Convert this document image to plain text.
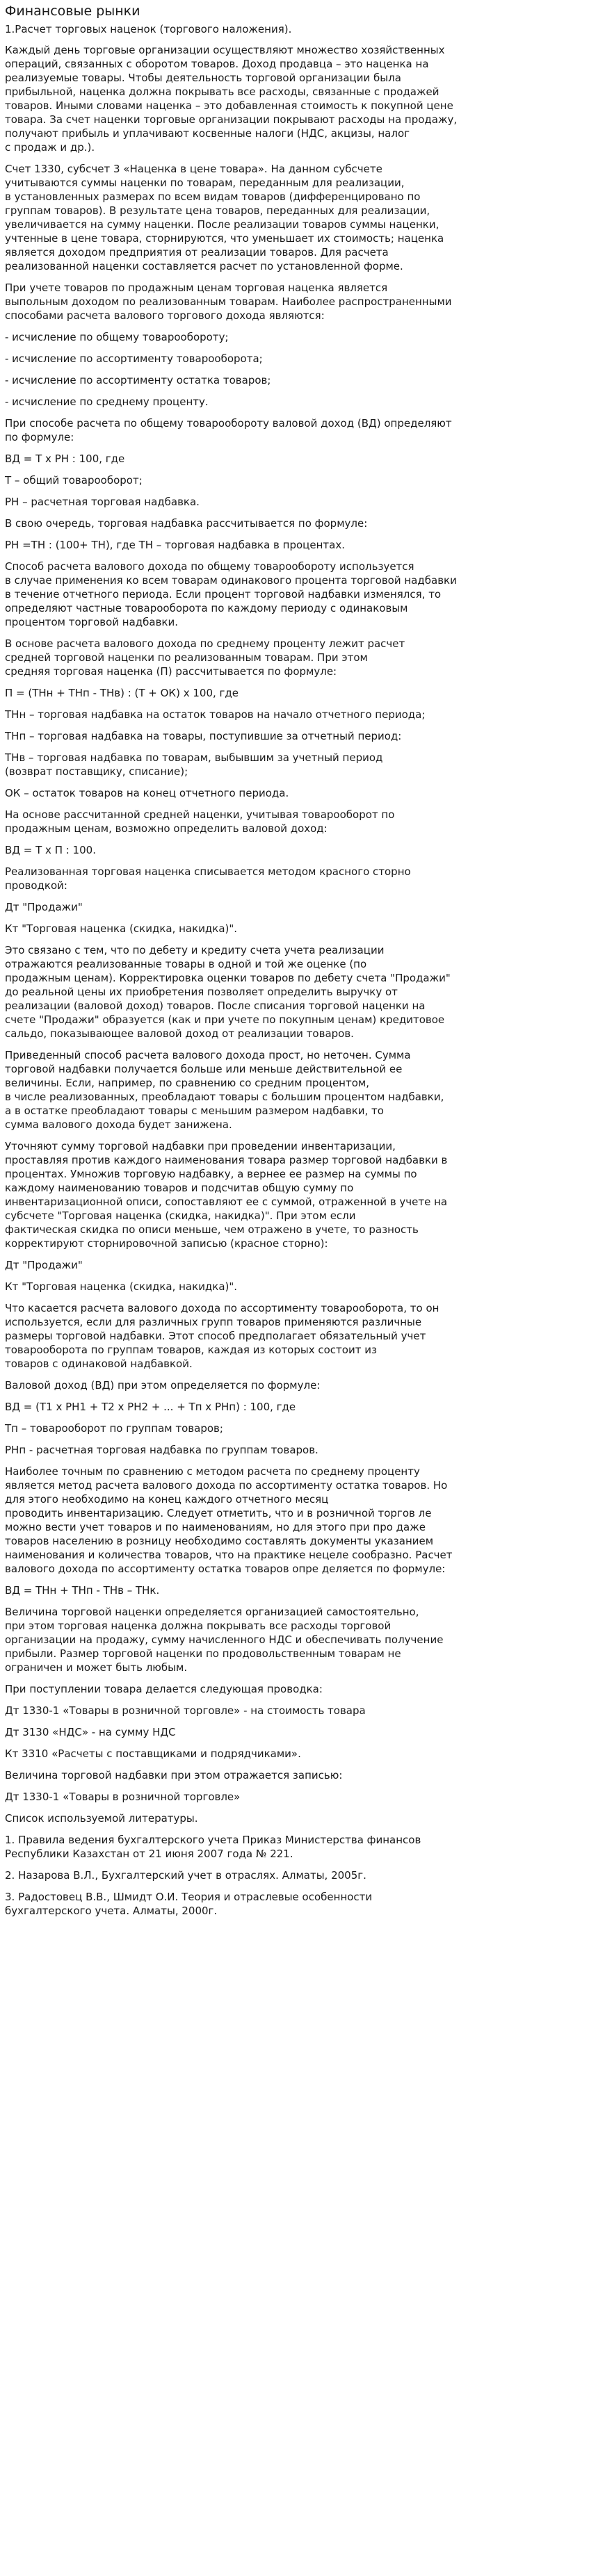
Финансовые рынки
1.Расчет торговых наценок (торгового наложения).

Каждый день торговые организации осуществляют множество хозяйственных
операций, связанных с оборотом товаров. Доход продавца – это наценка на
реализуемые товары. Чтобы деятельность торговой организации была
прибыльной, наценка должна покрывать все расходы, связанные с продажей
товаров. Иными словами наценка – это добавленная стоимость к покупной цене
товара. За счет наценки торговые организации покрывают расходы на продажу,
получают прибыль и уплачивают косвенные налоги (НДС, акцизы, налог
с продаж и др.).

Счет 1330, субсчет 3 «Наценка в цене товара». На данном субсчете
учитываются суммы наценки по товарам, переданным для реализации,
в установленных размерах по всем видам товаров (дифференцировано по
группам товаров). В результате цена товаров, переданных для реализации,
увеличивается на сумму наценки. После реализации товаров суммы наценки,
учтенные в цене товара, сторнируются, что уменьшает их стоимость; наценка
является доходом предприятия от реализации товаров. Для расчета
реализованной наценки составляется расчет по установленной форме.

При учете товаров по продажным ценам торговая наценка является
выпольным доходом по реализованным товарам. Наиболее распространенными
способами расчета валового торгового дохода являются:

- исчисление по общему товарообороту;

- исчисление по ассортименту товарооборота;

- исчисление по ассортименту остатка товаров;

- исчисление по среднему проценту.

При способе расчета по общему товарообороту валовой доход (ВД) определяют
по формуле:

ВД = Т х РН : 100, где

Т – общий товарооборот;

РН – расчетная торговая надбавка.

В свою очередь, торговая надбавка рассчитывается по формуле:

РН =ТН : (100+ ТН), где ТН – торговая надбавка в процентах.

Способ расчета валового дохода по общему товарообороту используется
в случае применения ко всем товарам одинакового процента торговой надбавки
в течение отчетного периода. Если процент торговой надбавки изменялся, то
определяют частные товарооборота по каждому периоду с одинаковым
процентом торговой надбавки.

В основе расчета валового дохода по среднему проценту лежит расчет
средней торговой наценки по реализованным товарам. При этом
средняя торговая наценка (П) рассчитывается по формуле:

П = (ТНн + ТНп - ТНв) : (Т + ОК) х 100, где

ТНн – торговая надбавка на остаток товаров на начало отчетного периода;

ТНп – торговая надбавка на товары, поступившие за отчетный период:

ТНв – торговая надбавка по товарам, выбывшим за учетный период
(возврат поставщику, списание);

ОК – остаток товаров на конец отчетного периода.

На основе рассчитанной средней наценки, учитывая товарооборот по
продажным ценам, возможно определить валовой доход:

ВД = Т х П : 100.

Реализованная торговая наценка списывается методом красного сторно
проводкой:

Дт "Продажи"

Кт "Торговая наценка (скидка, накидка)".

Это связано с тем, что по дебету и кредиту счета учета реализации
отражаются реализованные товары в одной и той же оценке (по
продажным ценам). Корректировка оценки товаров по дебету счета "Продажи"
до реальной цены их приобретения позволяет определить выручку от
реализации (валовой доход) товаров. После списания торговой наценки на
счете "Продажи" образуется (как и при учете по покупным ценам) кредитовое
сальдо, показывающее валовой доход от реализации товаров.

Приведенный способ расчета валового дохода прост, но неточен. Сумма
торговой надбавки получается больше или меньше действительной ее
величины. Если, например, по сравнению со средним процентом,
в числе реализованных, преобладают товары с большим процентом надбавки,
а в остатке преобладают товары с меньшим размером надбавки, то
сумма валового дохода будет занижена.

Уточняют сумму торговой надбавки при проведении инвентаризации,
проставляя против каждого наименования товара размер торговой надбавки в
процентах. Умножив торговую надбавку, а вернее ее размер на суммы по
каждому наименованию товаров и подсчитав общую сумму по
инвентаризационной описи, сопоставляют ее с суммой, отраженной в учете на
субсчете "Торговая наценка (скидка, накидка)". При этом если
фактическая скидка по описи меньше, чем отражено в учете, то разность
корректируют сторнировочной записью (красное сторно):

Дт "Продажи"

Кт "Торговая наценка (скидка, накидка)".

Что касается расчета валового дохода по ассортименту товарооборота, то он
используется, если для различных групп товаров применяются различные
размеры торговой надбавки. Этот способ предполагает обязательный учет
товарооборота по группам товаров, каждая из которых состоит из
товаров с одинаковой надбавкой.

Валовой доход (ВД) при этом определяется по формуле:

ВД = (Т1 х РН1 + Т2 х РН2 + ... + Тп х РНп) : 100, где

Тп – товарооборот по группам товаров;

РНп - расчетная торговая надбавка по группам товаров.

Наиболее точным по сравнению с методом расчета по среднему проценту
является метод расчета валового дохода по ассортименту остатка товаров. Но
для этого необходимо на конец каждого отчетного месяц
проводить инвентаризацию. Следует отметить, что и в розничной торгов ле
можно вести учет товаров и по наименованиям, но для этого при про даже
товаров населению в розницу необходимо составлять документы указанием
наименования и количества товаров, что на практике нецеле сообразно. Расчет
валового дохода по ассортименту остатка товаров опре деляется по формуле:

ВД = ТНн + ТНп - ТНв – ТНк.

Величина торговой наценки определяется организацией самостоятельно,
при этом торговая наценка должна покрывать все расходы торговой
организации на продажу, сумму начисленного НДС и обеспечивать получение
прибыли. Размер торговой наценки по продовольственным товарам не
ограничен и может быть любым.

При поступлении товара делается следующая проводка:

Дт 1330-1 «Товары в розничной торговле» - на стоимость товара

Дт 3130 «НДС» - на сумму НДС

Кт 3310 «Расчеты с поставщиками и подрядчиками».

Величина торговой надбавки при этом отражается записью:

Дт 1330-1 «Товары в розничной торговле»

Список используемой литературы.

1. Правила ведения бухгалтерского учета Приказ Министерства финансов
Республики Казахстан от 21 июня 2007 года № 221.

2. Назарова В.Л., Бухгалтерский учет в отраслях. Алматы, 2005г.

3. Радостовец В.В., Шмидт О.И. Теория и отраслевые особенности
бухгалтерского учета. Алматы, 2000г.
